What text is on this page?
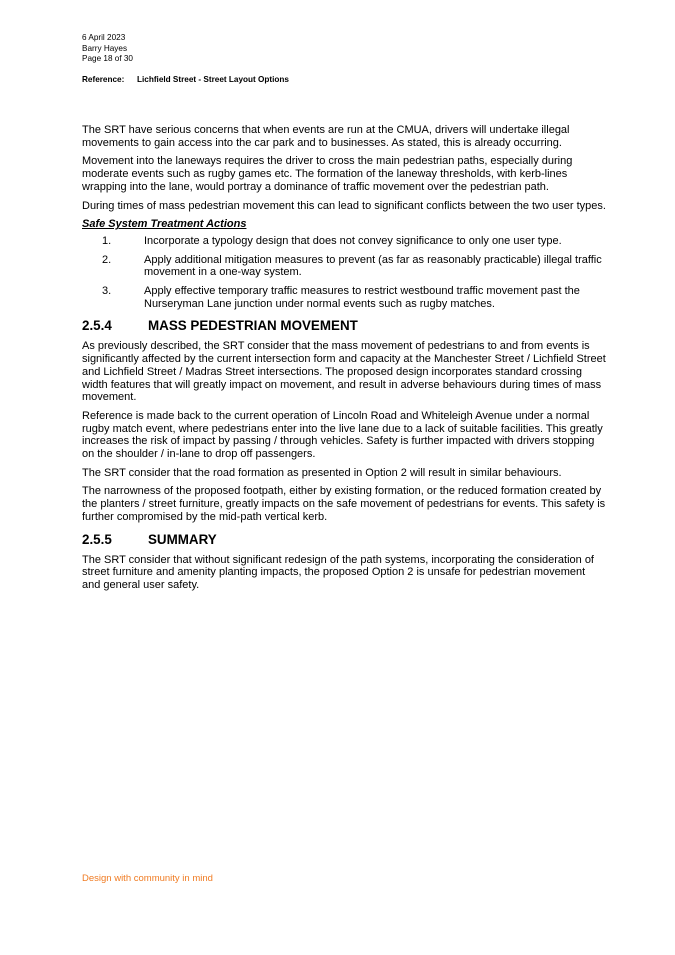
6 April 2023
Barry Hayes
Page 18 of 30
Reference: Lichfield Street - Street Layout Options

The SRT have serious concerns that when events are run at the CMUA, drivers will undertake illegal movements to gain access into the car park and to businesses. As stated, this is already occurring.

Movement into the laneways requires the driver to cross the main pedestrian paths, especially during moderate events such as rugby games etc. The formation of the laneway thresholds, with kerb-lines wrapping into the lane, would portray a dominance of traffic movement over the pedestrian path.

During times of mass pedestrian movement this can lead to significant conflicts between the two user types.

Safe System Treatment Actions
1.	Incorporate a typology design that does not convey significance to only one user type.
2.	Apply additional mitigation measures to prevent (as far as reasonably practicable) illegal traffic movement in a one-way system.
3.	Apply effective temporary traffic measures to restrict westbound traffic movement past the Nurseryman Lane junction under normal events such as rugby matches.
2.5.4	MASS PEDESTRIAN MOVEMENT

As previously described, the SRT consider that the mass movement of pedestrians to and from events is significantly affected by the current intersection form and capacity at the Manchester Street / Lichfield Street and Lichfield Street / Madras Street intersections. The proposed design incorporates standard crossing width features that will greatly impact on movement, and result in adverse behaviours during times of mass movement.

Reference is made back to the current operation of Lincoln Road and Whiteleigh Avenue under a normal rugby match event, where pedestrians enter into the live lane due to a lack of suitable facilities. This greatly increases the risk of impact by passing / through vehicles. Safety is further impacted with drivers stopping on the shoulder / in-lane to drop off passengers.

The SRT consider that the road formation as presented in Option 2 will result in similar behaviours.

The narrowness of the proposed footpath, either by existing formation, or the reduced formation created by the planters / street furniture, greatly impacts on the safe movement of pedestrians for events. This safety is further compromised by the mid-path vertical kerb.

2.5.5	SUMMARY

The SRT consider that without significant redesign of the path systems, incorporating the consideration of street furniture and amenity planting impacts, the proposed Option 2 is unsafe for pedestrian movement and general user safety.

Design with community in mind
